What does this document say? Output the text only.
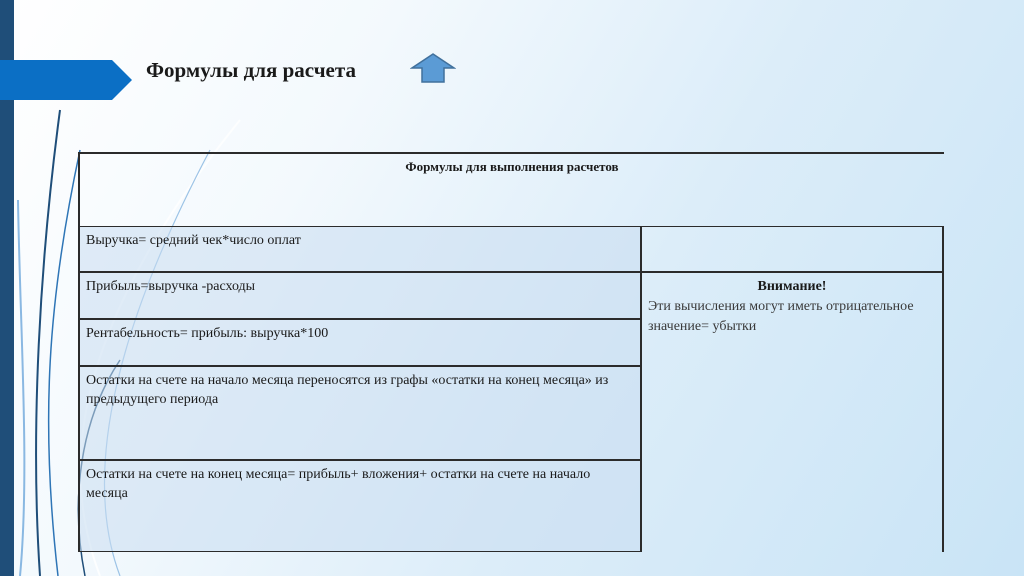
Формулы для расчета
Формулы для выполнения расчетов
Выручка= средний чек*число оплат
Прибыль=выручка -расходы
Рентабельность= прибыль: выручка*100
Остатки на счете на начало месяца переносятся из графы «остатки на конец месяца» из предыдущего периода
Остатки на счете на конец месяца= прибыль+ вложения+ остатки на счете на начало месяца
Внимание!
Эти вычисления могут иметь отрицательное значение= убытки
